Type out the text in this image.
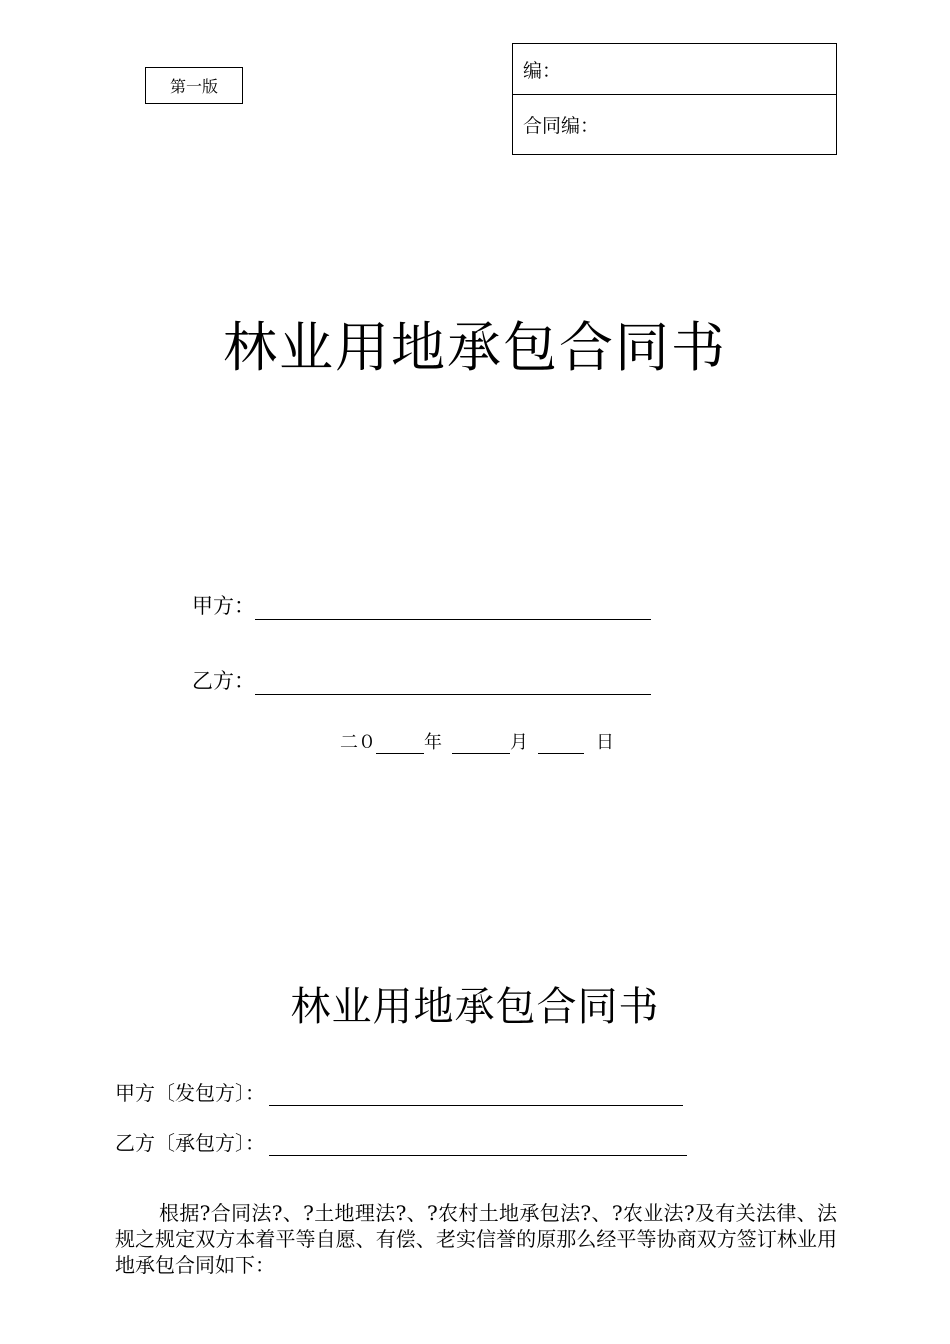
第一版
编：
合同编：
林业用地承包合同书
甲方：
乙方：
二０	年	月	日
林业用地承包合同书
甲方〔发包方〕：
乙方〔承包方〕：
根据?合同法?、?土地理法?、?农村土地承包法?、?农业法?及有关法律、法规之规定双方本着平等自愿、有偿、老实信誉的原那么经平等协商双方签订林业用地承包合同如下：
